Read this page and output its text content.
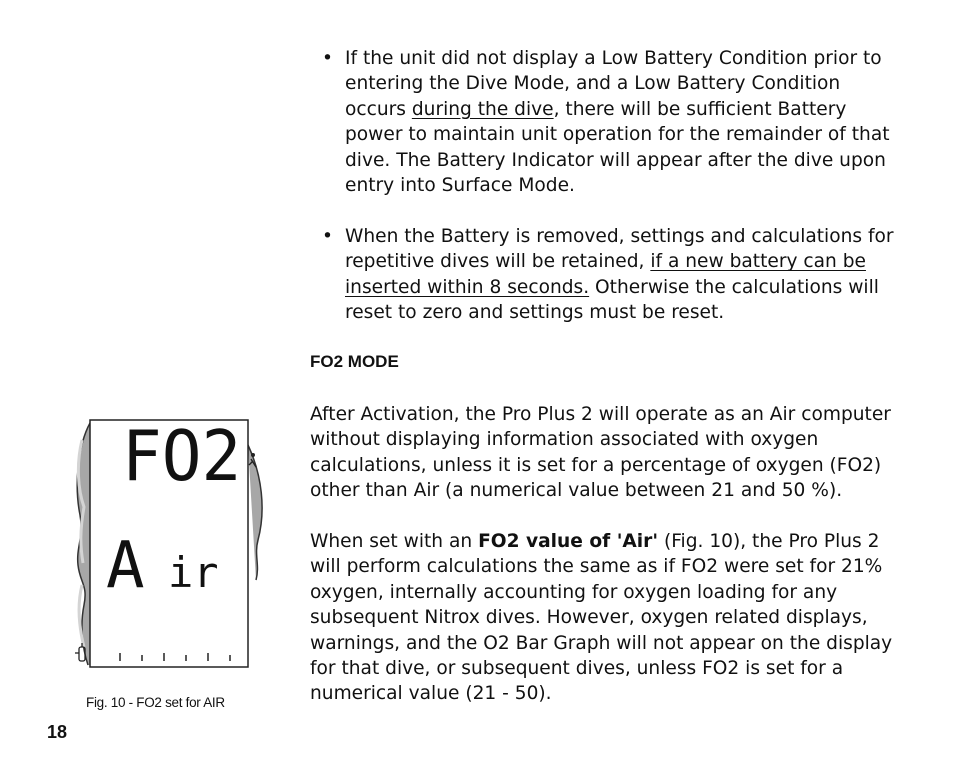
• If the unit did not display a Low Battery Condition prior to entering the Dive Mode, and a Low Battery Condition occurs during the dive, there will be sufficient Battery power to maintain unit operation for the remainder of that dive. The Battery Indicator will appear after the dive upon entry into Surface Mode.
• When the Battery is removed, settings and calculations for repetitive dives will be retained, if a new battery can be inserted within 8 seconds. Otherwise the calculations will reset to zero and settings must be reset.
FO2 MODE
After Activation, the Pro Plus 2 will operate as an Air computer without displaying information associated with oxygen calculations, unless it is set for a percentage of oxygen (FO2) other than Air (a numerical value between 21 and 50 %).
When set with an FO2 value of 'Air' (Fig. 10), the Pro Plus 2 will perform calculations the same as if FO2 were set for 21% oxygen, internally accounting for oxygen loading for any subsequent Nitrox dives. However, oxygen related displays, warnings, and the O2 Bar Graph will not appear on the display for that dive, or subsequent dives, unless FO2 is set for a numerical value (21 - 50).
FO2
A ir
Fig. 10 - FO2 set for AIR
18
